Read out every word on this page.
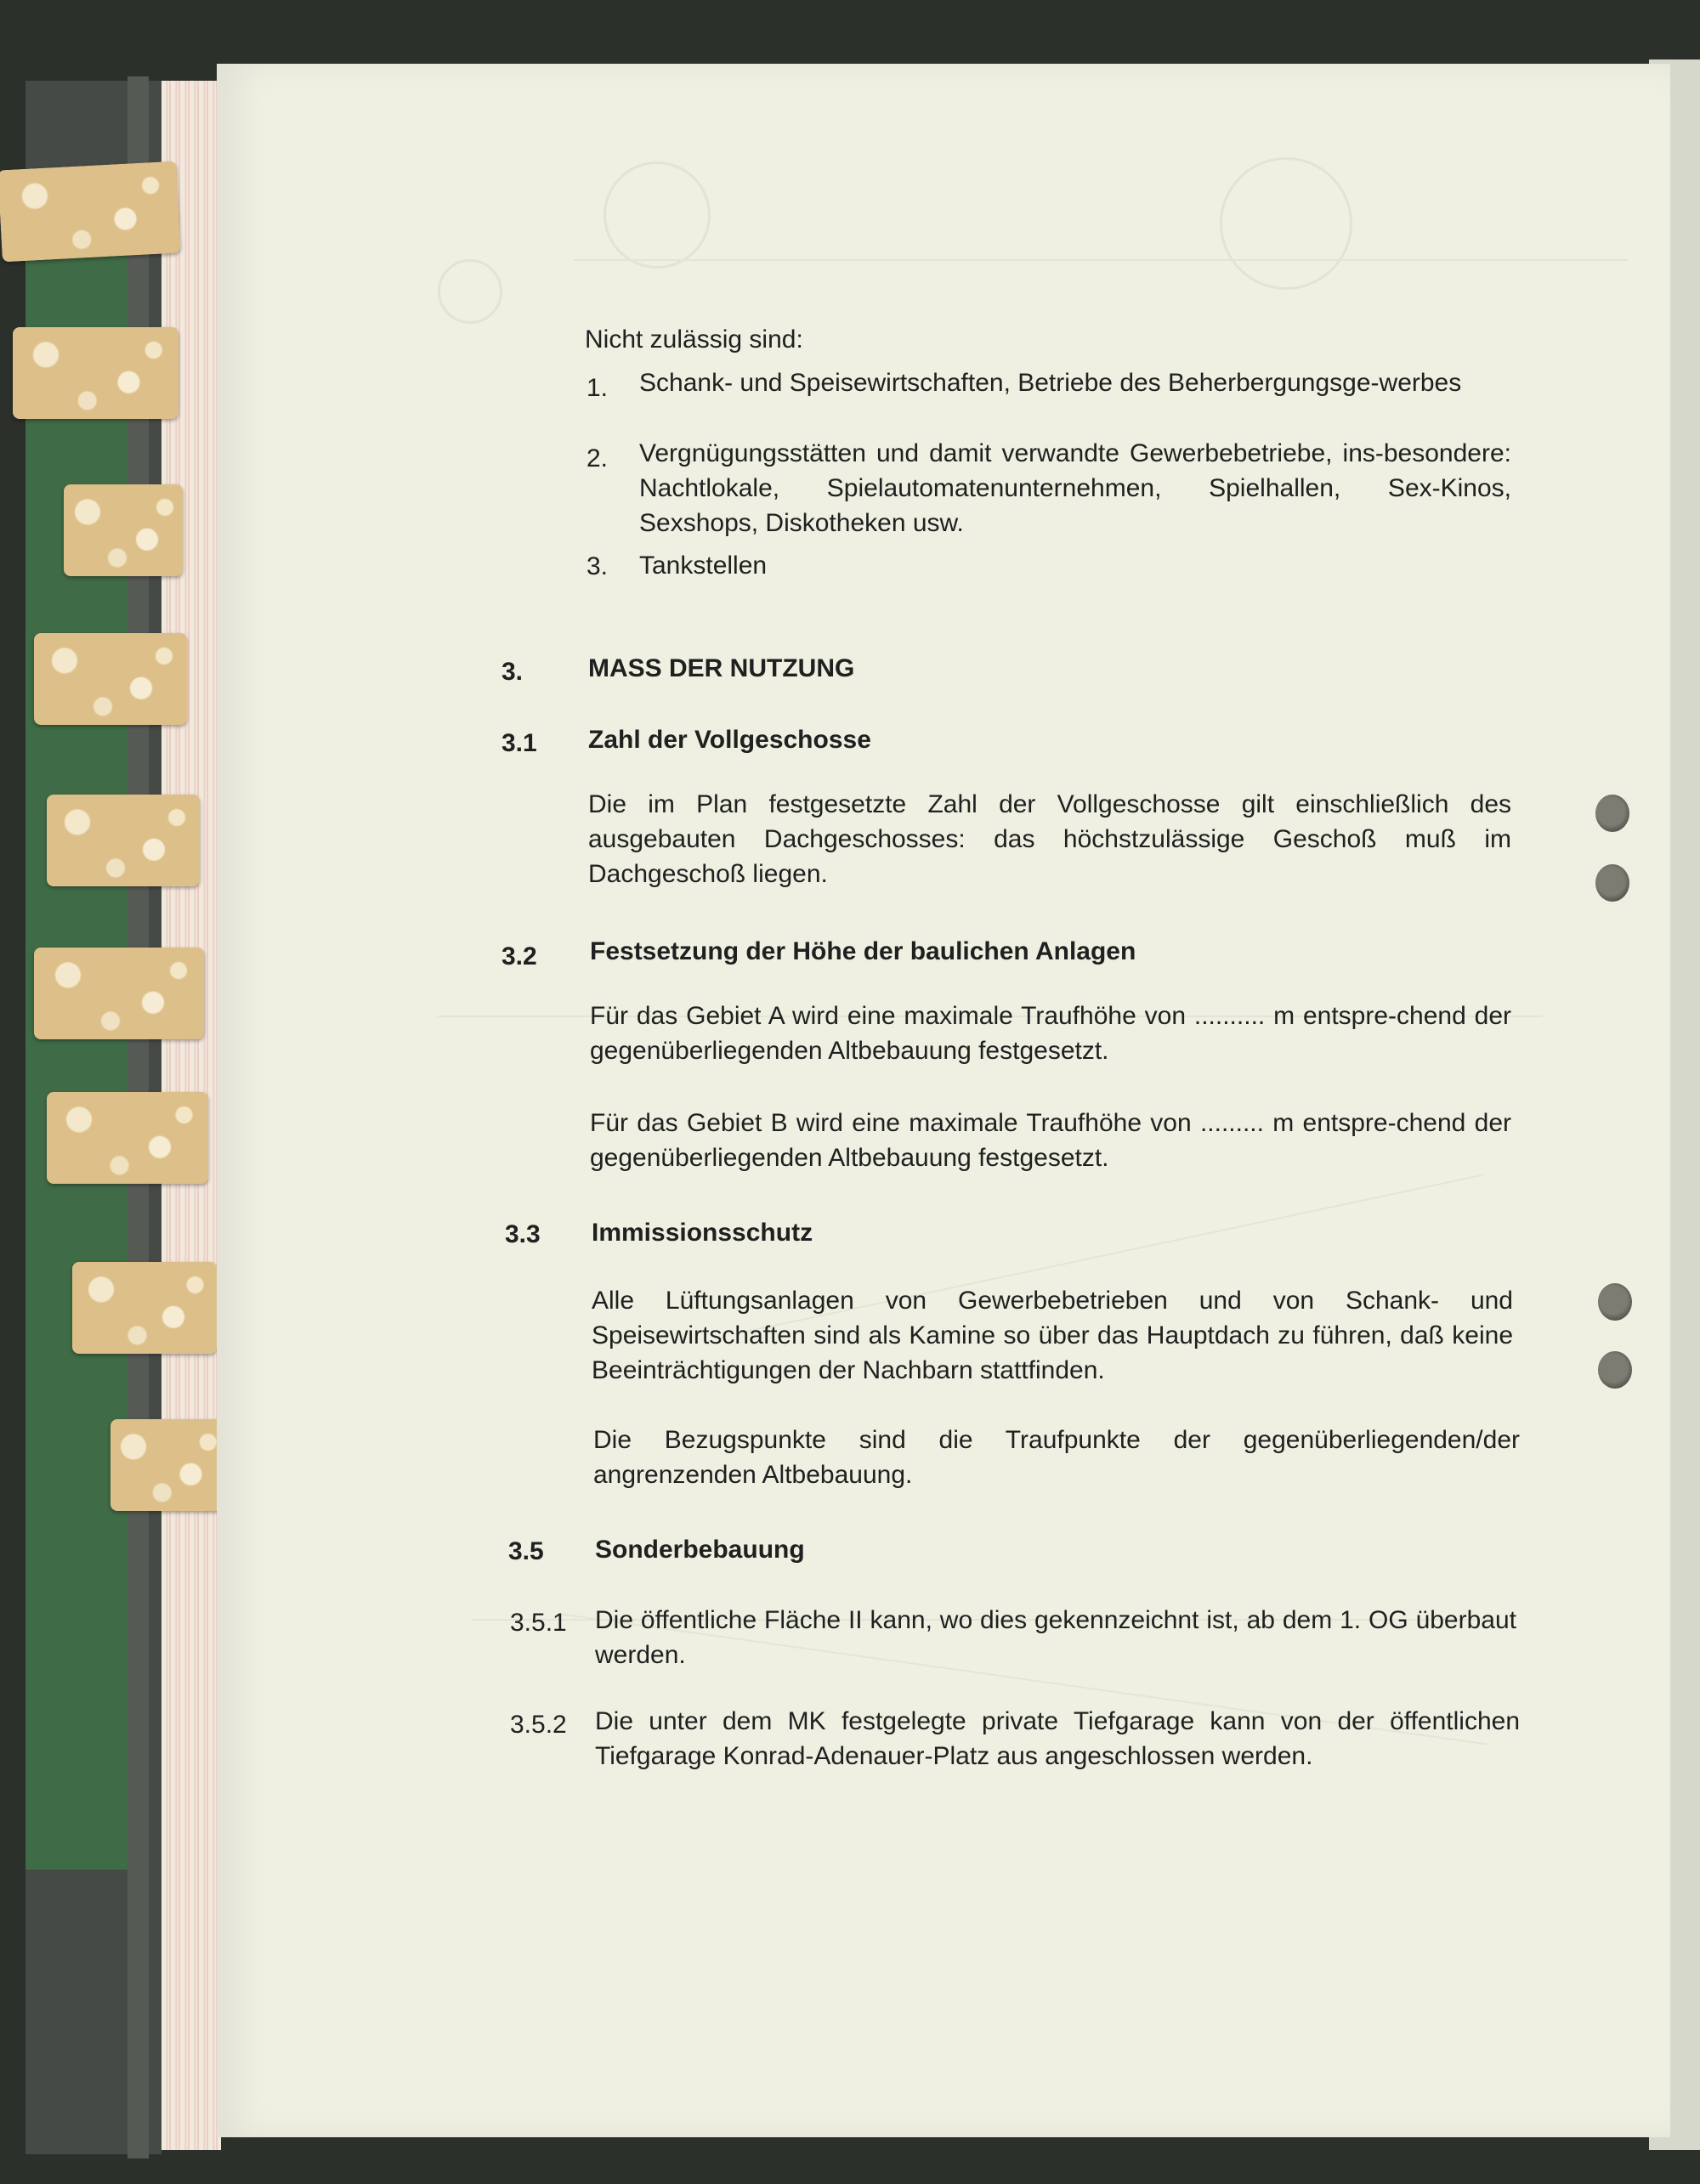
Nicht zulässig sind:
1. Schank- und Speisewirtschaften, Betriebe des Beherbergungsge-werbes
2. Vergnügungsstätten und damit verwandte Gewerbebetriebe, ins-besondere: Nachtlokale, Spielautomatenunternehmen, Spielhallen, Sex-Kinos, Sexshops, Diskotheken usw.
3. Tankstellen
3.	MASS DER NUTZUNG
3.1 Zahl der Vollgeschosse
Die im Plan festgesetzte Zahl der Vollgeschosse gilt einschließlich des ausgebauten Dachgeschosses: das höchstzulässige Geschoß muß im Dachgeschoß liegen.
3.2 Festsetzung der Höhe der baulichen Anlagen
Für das Gebiet A wird eine maximale Traufhöhe von .......... m entspre-chend der gegenüberliegenden Altbebauung festgesetzt.
Für das Gebiet B wird eine maximale Traufhöhe von ......... m entspre-chend der gegenüberliegenden Altbebauung festgesetzt.
3.3 Immissionsschutz
Alle Lüftungsanlagen von Gewerbebetrieben und von Schank- und Speisewirtschaften sind als Kamine so über das Hauptdach zu führen, daß keine Beeinträchtigungen der Nachbarn stattfinden.
Die Bezugspunkte sind die Traufpunkte der gegenüberliegenden/der angrenzenden Altbebauung.
3.5 Sonderbebauung
3.5.1 Die öffentliche Fläche II kann, wo dies gekennzeichnt ist, ab dem 1. OG überbaut werden.
3.5.2 Die unter dem MK festgelegte private Tiefgarage kann von der öffentlichen Tiefgarage Konrad-Adenauer-Platz aus angeschlossen werden.
